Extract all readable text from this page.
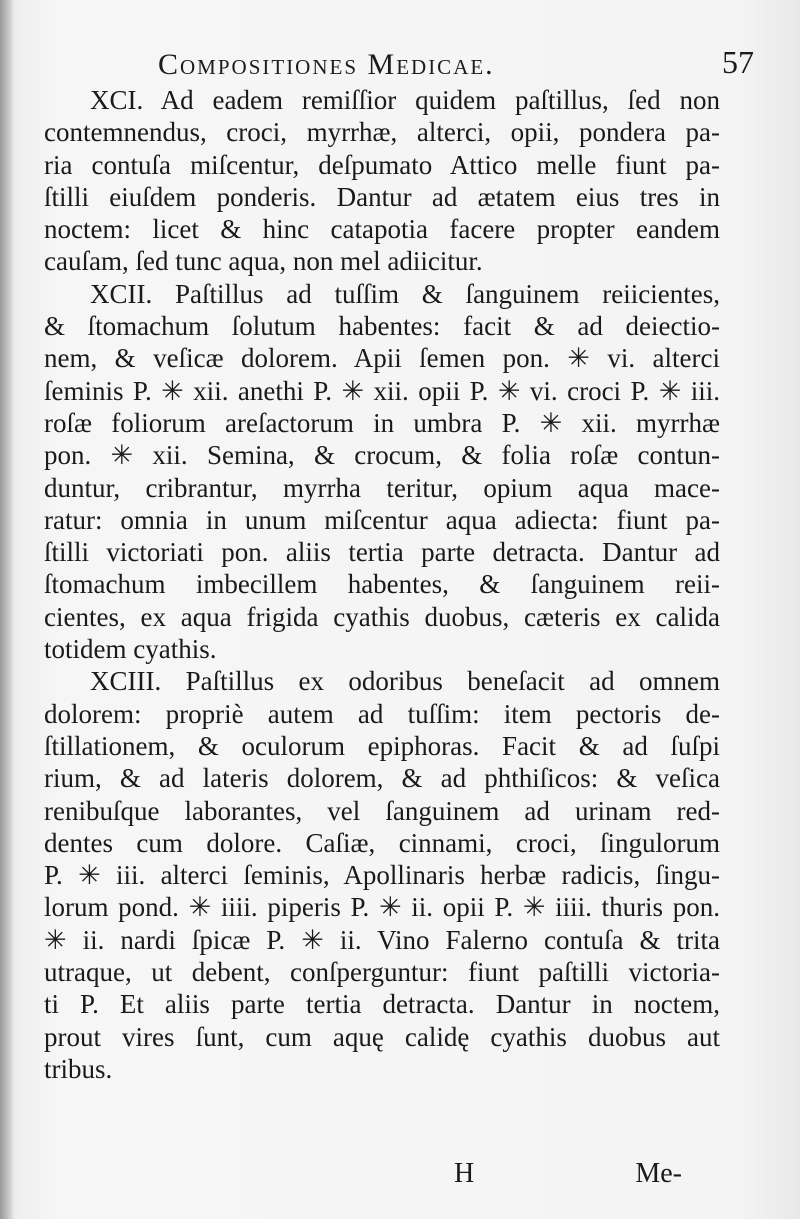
Compositiones Medicae.	57
XCI. Ad eadem remiſſior quidem paſtillus, ſed non
contemnendus, croci, myrrhæ, alterci, opii, pondera pa-
ria contuſa miſcentur, deſpumato Attico melle fiunt pa-
ſtilli eiuſdem ponderis. Dantur ad ætatem eius tres in
noctem: licet & hinc catapotia facere propter eandem
cauſam, ſed tunc aqua, non mel adiicitur.
XCII. Paſtillus ad tuſſim & ſanguinem reiicientes,
& ſtomachum ſolutum habentes: facit & ad deiectio-
nem, & veſicæ dolorem. Apii ſemen pon. ✳ vi. alterci
ſeminis P. ✳ xii. anethi P. ✳ xii. opii P. ✳ vi. croci P. ✳ iii.
roſæ foliorum areſactorum in umbra P. ✳ xii. myrrhæ
pon. ✳ xii. Semina, & crocum, & folia roſæ contun-
duntur, cribrantur, myrrha teritur, opium aqua mace-
ratur: omnia in unum miſcentur aqua adiecta: fiunt pa-
ſtilli victoriati pon. aliis tertia parte detracta. Dantur ad
ſtomachum imbecillem habentes, & ſanguinem reii-
cientes, ex aqua frigida cyathis duobus, cæteris ex calida
totidem cyathis.
XCIII. Paſtillus ex odoribus beneſacit ad omnem
dolorem: propriè autem ad tuſſim: item pectoris de-
ſtillationem, & oculorum epiphoras. Facit & ad ſuſpi
rium, & ad lateris dolorem, & ad phthiſicos: & veſica
renibuſque laborantes, vel ſanguinem ad urinam red-
dentes cum dolore. Caſiæ, cinnami, croci, ſingulorum
P. ✳ iii. alterci ſeminis, Apollinaris herbæ radicis, ſingu-
lorum pond. ✳ iiii. piperis P. ✳ ii. opii P. ✳ iiii. thuris pon.
✳ ii. nardi ſpicæ P. ✳ ii. Vino Falerno contuſa & trita
utraque, ut debent, conſperguntur: fiunt paſtilli victoria-
ti P. Et aliis parte tertia detracta. Dantur in noctem,
prout vires ſunt, cum aquę calidę cyathis duobus aut
tribus.
H	Me-
